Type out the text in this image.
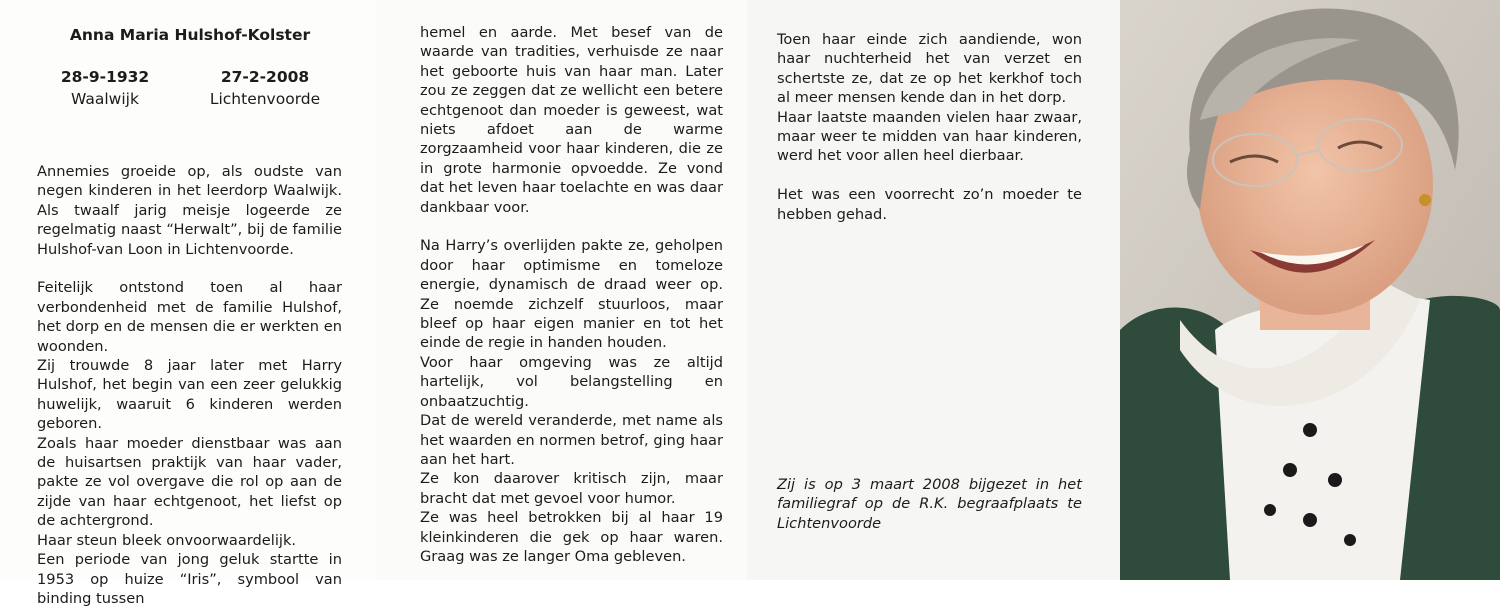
Anna Maria Hulshof-Kolster
28-9-1932
Waalwijk
27-2-2008
Lichtenvoorde

Annemies groeide op, als oudste van negen kinderen in het leerdorp Waalwijk. Als twaalf jarig meisje logeerde ze regelmatig naast “Herwalt”, bij de familie Hulshof-van Loon in Lichtenvoorde.

Feitelijk ontstond toen al haar verbondenheid met de familie Hulshof, het dorp en de mensen die er werkten en woonden.

Zij trouwde 8 jaar later met Harry Hulshof, het begin van een zeer gelukkig huwelijk, waaruit 6 kinderen werden geboren.

Zoals haar moeder dienstbaar was aan de huisartsen praktijk van haar vader, pakte ze vol overgave die rol op aan de zijde van haar echtgenoot, het liefst op de achtergrond.

Haar steun bleek onvoorwaardelijk.

Een periode van jong geluk startte in 1953 op huize “Iris”, symbool van binding tussen

hemel en aarde. Met besef van de waarde van tradities, verhuisde ze naar het geboorte huis van haar man. Later zou ze zeggen dat ze wellicht een betere echtgenoot dan moeder is geweest, wat niets afdoet aan de warme zorgzaamheid voor haar kinderen, die ze in grote harmonie opvoedde. Ze vond dat het leven haar toelachte en was daar dankbaar voor.

Na Harry’s overlijden pakte ze, geholpen door haar optimisme en tomeloze energie, dynamisch de draad weer op. Ze noemde zichzelf stuurloos, maar bleef op haar eigen manier en tot het einde de regie in handen houden.

Voor haar omgeving was ze altijd hartelijk, vol belangstelling en onbaatzuchtig.

Dat de wereld veranderde, met name als het waarden en normen betrof, ging haar aan het hart.

Ze kon daarover kritisch zijn, maar bracht dat met gevoel voor humor.

Ze was heel betrokken bij al haar 19 kleinkinderen die gek op haar waren. Graag was ze langer Oma gebleven.

Toen haar einde zich aandiende, won haar nuchterheid het van verzet en schertste ze, dat ze op het kerkhof toch al meer mensen kende dan in het dorp.

Haar laatste maanden vielen haar zwaar, maar weer te midden van haar kinderen, werd het voor allen heel dierbaar.

Het was een voorrecht zo’n moeder te hebben gehad.

Zij is op 3 maart 2008 bijgezet in het familiegraf op de R.K. begraafplaats te Lichtenvoorde
